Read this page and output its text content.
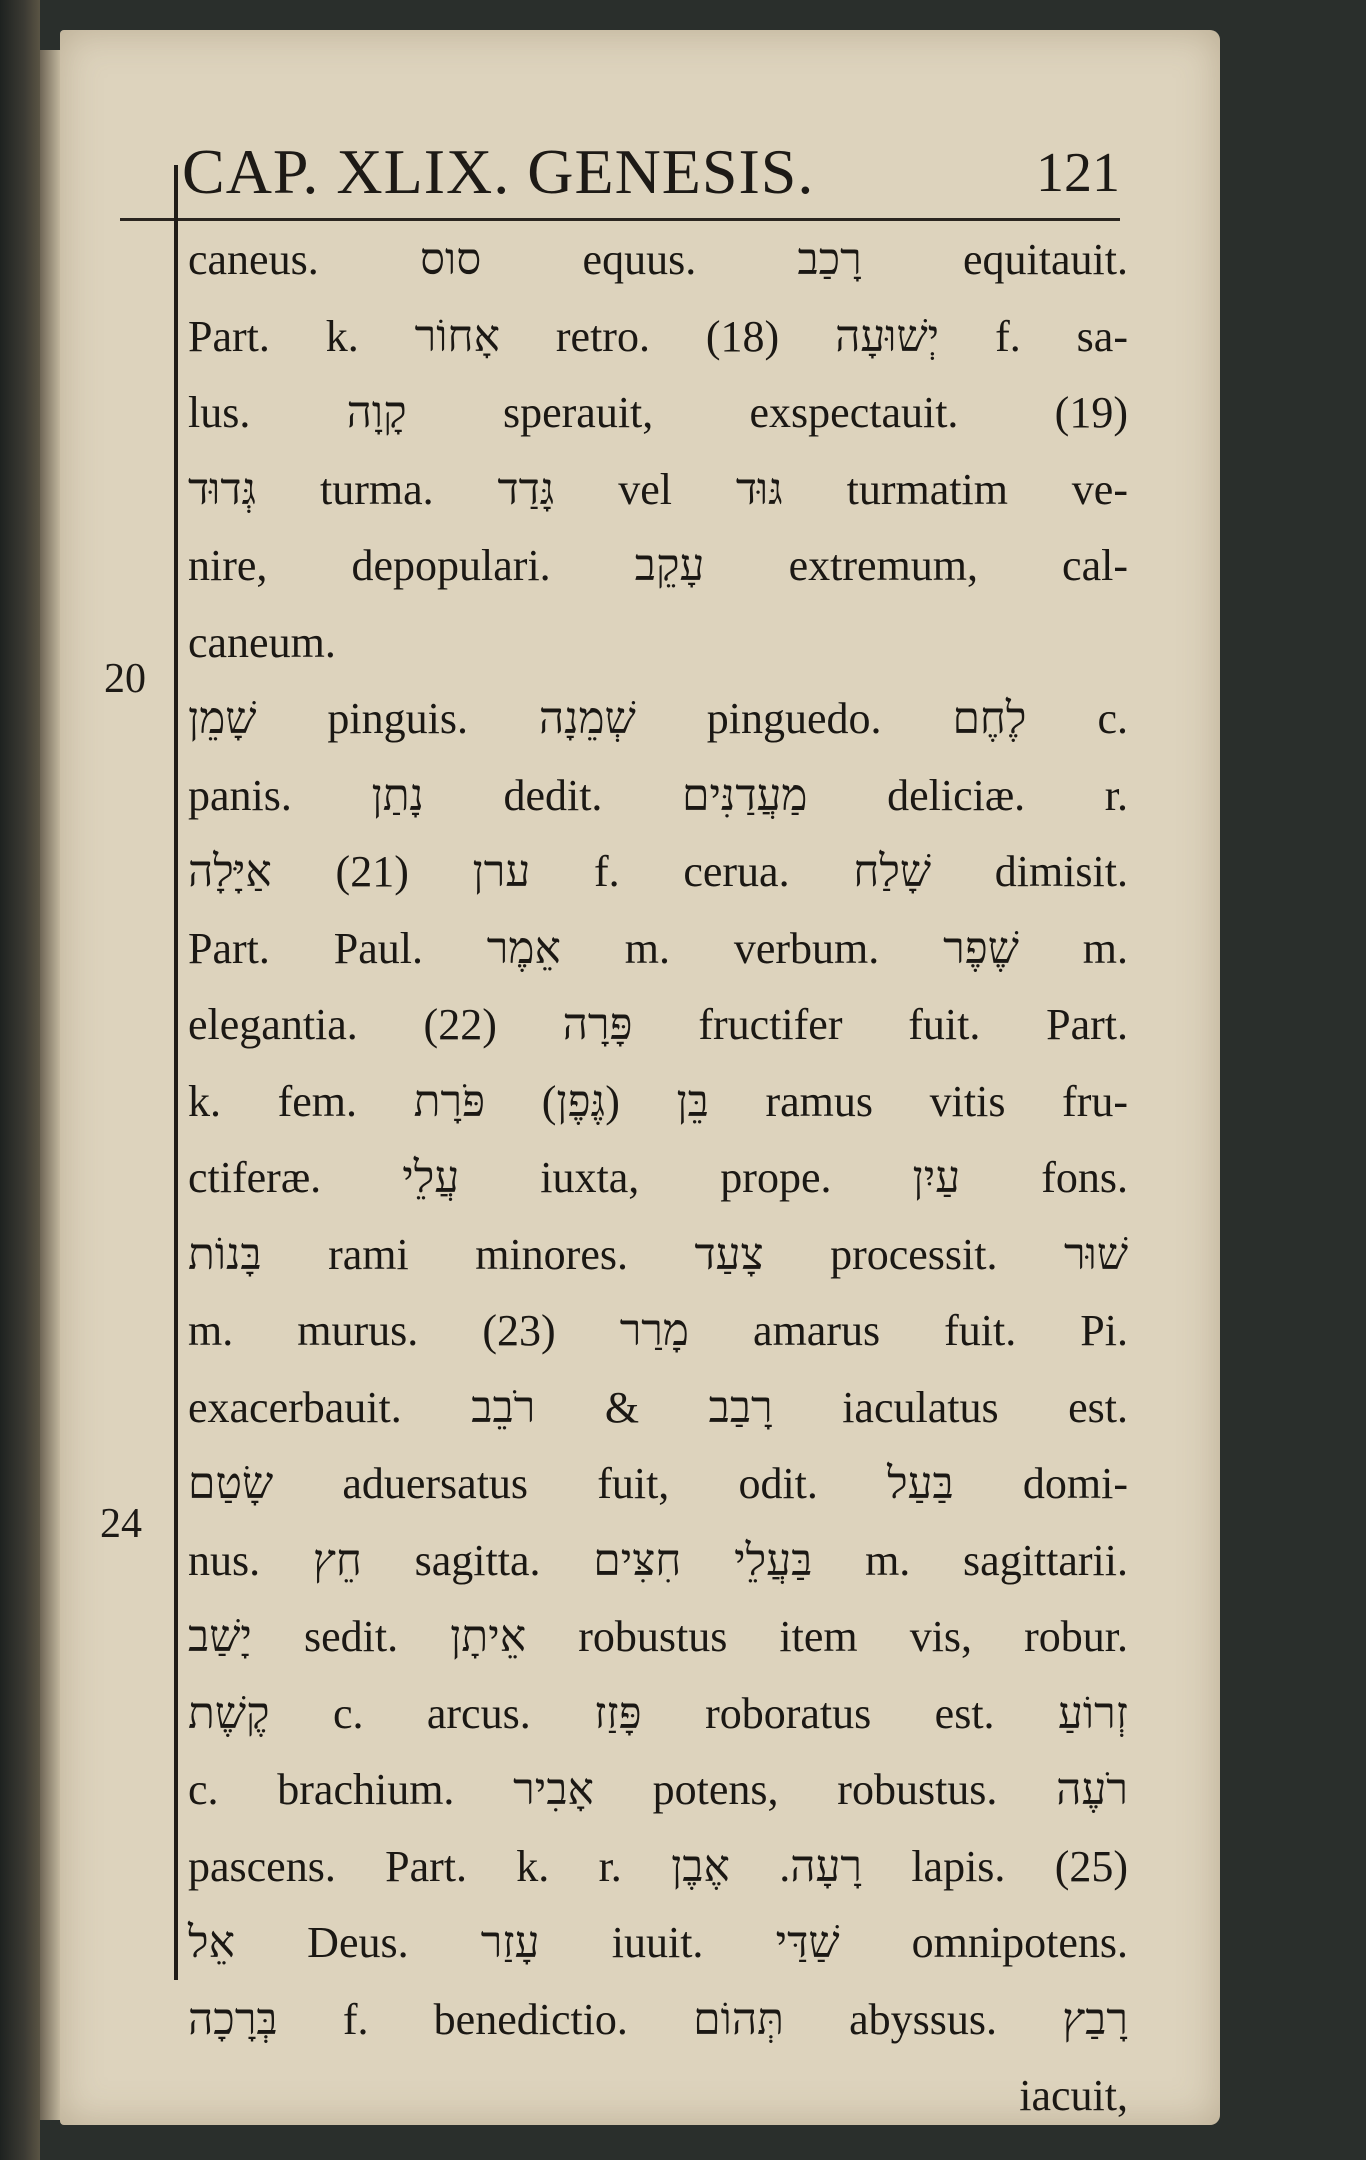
CAP. XLIX. GENESIS.	121
20
24
caneus. סוס equus. רָכַב equitauit.
Part. k. אָחוֹר retro. (18) יְשׁוּעָה f. sa-
lus. קָוָה sperauit, exspectauit. (19)
גְּדוּד turma. גָּדַד vel גּוּד turmatim ve-
nire, depopulari. עָקֵב extremum, cal-
caneum.
שָׁמֵן pinguis. שְׁמֵנָה pinguedo. לֶחֶם c.
panis. נָתַן dedit. מַעֲדַנִּים deliciæ. r.
ערן (21) אַיָּלָה f. cerua. שָׁלַח dimisit.
Part. Paul. אֵמֶר m. verbum. שֶׁפֶר m.
elegantia. (22) פָּרָה fructifer fuit. Part.
k. fem. בֵּן (גֶּפֶן) פֹּרָת ramus vitis fru-
ctiferæ. עֲלֵי iuxta, prope. עַיִן fons.
בָּנוֹת rami minores. צָעַד processit. שׁוּר
m. murus. (23) מָרַר amarus fuit. Pi.
exacerbauit. רָבַב & רֹבֵב iaculatus est.
שָׂטַם aduersatus fuit, odit. בַּעַל domi-
nus. חֵץ sagitta. בַּעֲלֵי חִצִּים m. sagittarii.
יָשַׁב sedit. אֵיתָן robustus item vis, robur.
קֶשֶׁת c. arcus. פָּזַז roboratus est. זְרוֹעַ
c. brachium. אָבִיר potens, robustus. רֹעֶה
pascens. Part. k. r. רָעָה. אֶבֶן lapis. (25)
אֵל Deus. עָזַר iuuit. שַׁדַּי omnipotens.
בְּרָכָה f. benedictio. תְּהוֹם abyssus. רָבַץ
iacuit,
